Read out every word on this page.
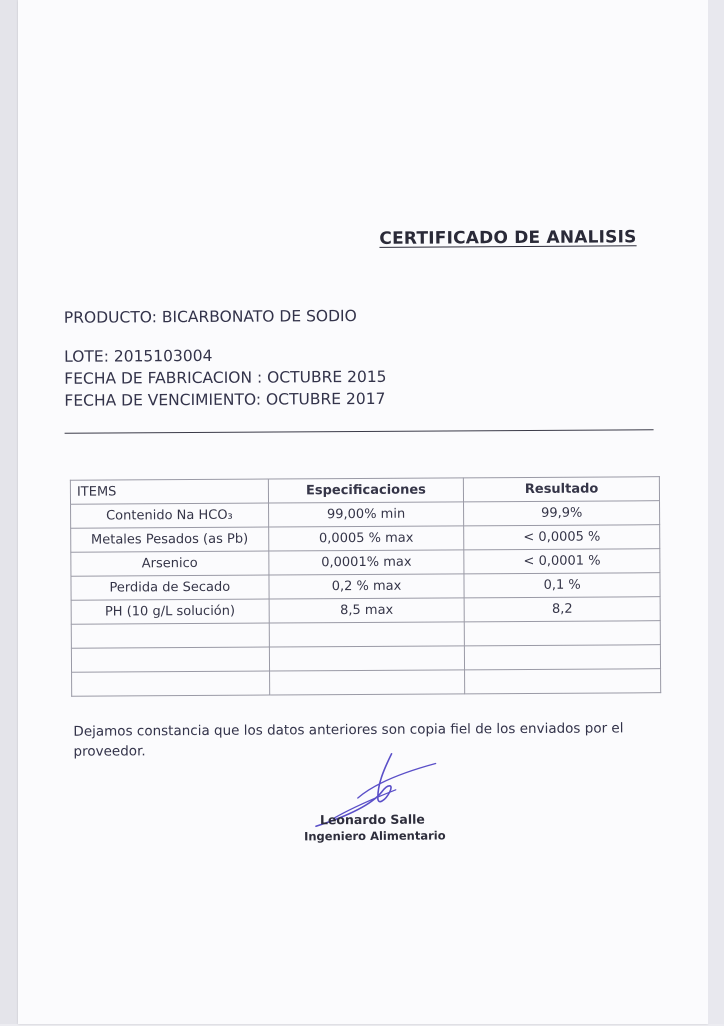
CERTIFICADO DE ANALISIS
PRODUCTO: BICARBONATO DE SODIO
LOTE: 2015103004
FECHA DE FABRICACION : OCTUBRE 2015
FECHA DE VENCIMIENTO: OCTUBRE 2017
ITEMS	Especificaciones	Resultado
Contenido Na HCO₃	99,00% min	99,9%
Metales Pesados (as Pb)	0,0005 % max	< 0,0005 %
Arsenico	0,0001% max	< 0,0001 %
Perdida de Secado	0,2 % max	0,1 %
PH (10 g/L solución)	8,5 max	8,2

Dejamos constancia que los datos anteriores son copia fiel de los enviados por el proveedor.
Leonardo Salle
Ingeniero Alimentario
